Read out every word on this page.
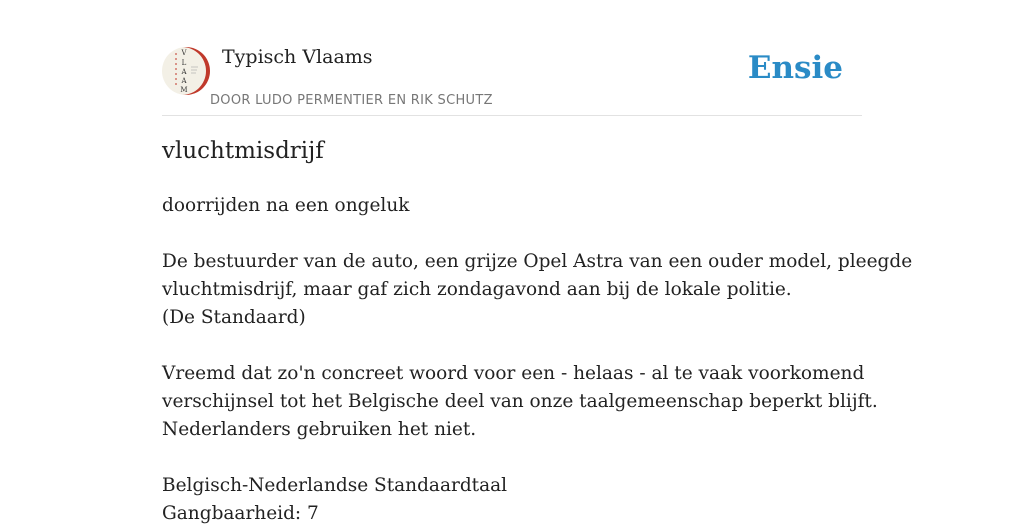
V
L
A
A
M
Typisch Vlaams
DOOR LUDO PERMENTIER EN RIK SCHUTZ
Ensie
vluchtmisdrijf

doorrijden na een ongeluk

De bestuurder van de auto, een grijze Opel Astra van een ouder model, pleegde

vluchtmisdrijf, maar gaf zich zondagavond aan bij de lokale politie.

(De Standaard)

Vreemd dat zo'n concreet woord voor een - helaas - al te vaak voorkomend

verschijnsel tot het Belgische deel van onze taalgemeenschap beperkt blijft.

Nederlanders gebruiken het niet.

Belgisch-Nederlandse Standaardtaal

Gangbaarheid: 7
